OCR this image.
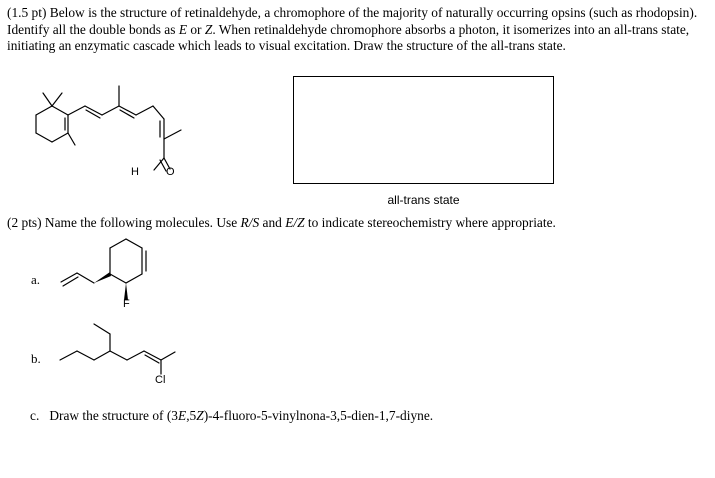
(1.5 pt) Below is the structure of retinaldehyde, a chromophore of the majority of naturally occurring opsins (such as rhodopsin). Identify all the double bonds as E or Z. When retinaldehyde chromophore absorbs a photon, it isomerizes into an all-trans state, initiating an enzymatic cascade which leads to visual excitation. Draw the structure of the all-trans state.
H O
all-trans state
(2 pts) Name the following molecules. Use R/S and E/Z to indicate stereochemistry where appropriate.
a.
F
b.
Cl
c. Draw the structure of (3E,5Z)-4-fluoro-5-vinylnona-3,5-dien-1,7-diyne.
